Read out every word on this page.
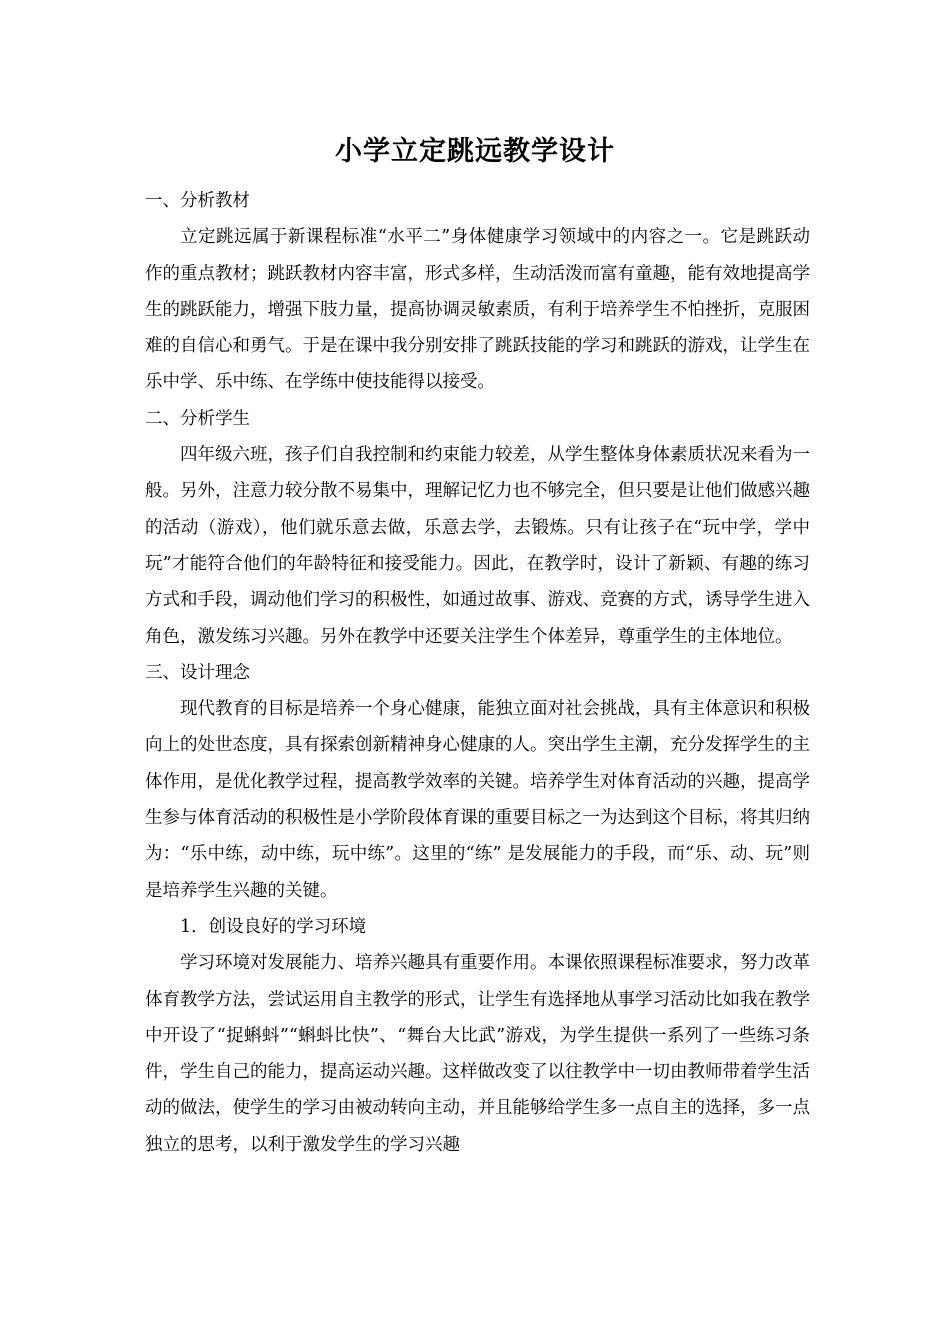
小学立定跳远教学设计

一、分析教材

立定跳远属于新课程标准“水平二”身体健康学习领域中的内容之一。它是跳跃动作的重点教材；跳跃教材内容丰富，形式多样，生动活泼而富有童趣，能有效地提高学生的跳跃能力，增强下肢力量，提高协调灵敏素质，有利于培养学生不怕挫折，克服困难的自信心和勇气。于是在课中我分别安排了跳跃技能的学习和跳跃的游戏，让学生在乐中学、乐中练、在学练中使技能得以接受。

二、分析学生

四年级六班，孩子们自我控制和约束能力较差，从学生整体身体素质状况来看为一般。另外，注意力较分散不易集中，理解记忆力也不够完全，但只要是让他们做感兴趣的活动（游戏），他们就乐意去做，乐意去学，去锻炼。只有让孩子在“玩中学，学中玩”才能符合他们的年龄特征和接受能力。因此，在教学时，设计了新颖、有趣的练习方式和手段，调动他们学习的积极性，如通过故事、游戏、竞赛的方式，诱导学生进入角色，激发练习兴趣。另外在教学中还要关注学生个体差异，尊重学生的主体地位。

三、设计理念

现代教育的目标是培养一个身心健康，能独立面对社会挑战，具有主体意识和积极向上的处世态度，具有探索创新精神身心健康的人。突出学生主潮，充分发挥学生的主体作用，是优化教学过程，提高教学效率的关键。培养学生对体育活动的兴趣，提高学生参与体育活动的积极性是小学阶段体育课的重要目标之一为达到这个目标，将其归纳为：“乐中练，动中练，玩中练”。这里的“练” 是发展能力的手段，而“乐、动、玩”则是培养学生兴趣的关键。

1．创设良好的学习环境

学习环境对发展能力、培养兴趣具有重要作用。本课依照课程标准要求，努力改革体育教学方法，尝试运用自主教学的形式，让学生有选择地从事学习活动比如我在教学中开设了“捉蝌蚪”“蝌蚪比快”、“舞台大比武”游戏，为学生提供一系列了一些练习条件，学生自己的能力，提高运动兴趣。这样做改变了以往教学中一切由教师带着学生活动的做法，使学生的学习由被动转向主动，并且能够给学生多一点自主的选择，多一点独立的思考，以利于激发学生的学习兴趣
